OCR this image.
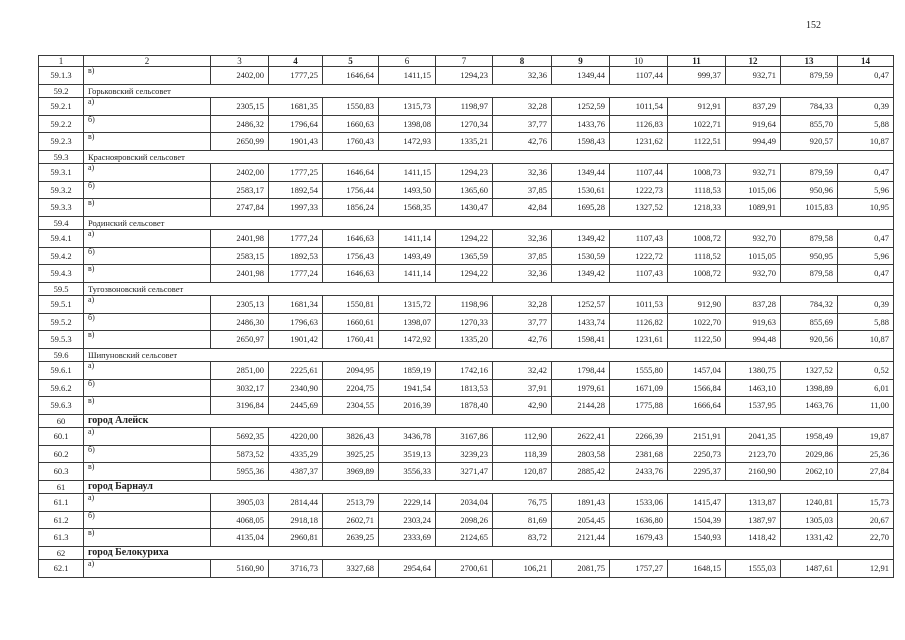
152
1	2	3	4	5	6	7	8	9	10	11	12	13	14
59.1.3	в)	2402,00	1777,25	1646,64	1411,15	1294,23	32,36	1349,44	1107,44	999,37	932,71	879,59	0,47
59.2	Горьковский сельсовет												
59.2.1	а)	2305,15	1681,35	1550,83	1315,73	1198,97	32,28	1252,59	1011,54	912,91	837,29	784,33	0,39
59.2.2	б)	2486,32	1796,64	1660,63	1398,08	1270,34	37,77	1433,76	1126,83	1022,71	919,64	855,70	5,88
59.2.3	в)	2650,99	1901,43	1760,43	1472,93	1335,21	42,76	1598,43	1231,62	1122,51	994,49	920,57	10,87
59.3	Краснояровский сельсовет												
59.3.1	а)	2402,00	1777,25	1646,64	1411,15	1294,23	32,36	1349,44	1107,44	1008,73	932,71	879,59	0,47
59.3.2	б)	2583,17	1892,54	1756,44	1493,50	1365,60	37,85	1530,61	1222,73	1118,53	1015,06	950,96	5,96
59.3.3	в)	2747,84	1997,33	1856,24	1568,35	1430,47	42,84	1695,28	1327,52	1218,33	1089,91	1015,83	10,95
59.4	Родинский сельсовет												
59.4.1	а)	2401,98	1777,24	1646,63	1411,14	1294,22	32,36	1349,42	1107,43	1008,72	932,70	879,58	0,47
59.4.2	б)	2583,15	1892,53	1756,43	1493,49	1365,59	37,85	1530,59	1222,72	1118,52	1015,05	950,95	5,96
59.4.3	в)	2401,98	1777,24	1646,63	1411,14	1294,22	32,36	1349,42	1107,43	1008,72	932,70	879,58	0,47
59.5	Тугозвоновский сельсовет												
59.5.1	а)	2305,13	1681,34	1550,81	1315,72	1198,96	32,28	1252,57	1011,53	912,90	837,28	784,32	0,39
59.5.2	б)	2486,30	1796,63	1660,61	1398,07	1270,33	37,77	1433,74	1126,82	1022,70	919,63	855,69	5,88
59.5.3	в)	2650,97	1901,42	1760,41	1472,92	1335,20	42,76	1598,41	1231,61	1122,50	994,48	920,56	10,87
59.6	Шипуновский сельсовет												
59.6.1	а)	2851,00	2225,61	2094,95	1859,19	1742,16	32,42	1798,44	1555,80	1457,04	1380,75	1327,52	0,52
59.6.2	б)	3032,17	2340,90	2204,75	1941,54	1813,53	37,91	1979,61	1671,09	1566,84	1463,10	1398,89	6,01
59.6.3	в)	3196,84	2445,69	2304,55	2016,39	1878,40	42,90	2144,28	1775,88	1666,64	1537,95	1463,76	11,00
60	город Алейск												
60.1	а)	5692,35	4220,00	3826,43	3436,78	3167,86	112,90	2622,41	2266,39	2151,91	2041,35	1958,49	19,87
60.2	б)	5873,52	4335,29	3925,25	3519,13	3239,23	118,39	2803,58	2381,68	2250,73	2123,70	2029,86	25,36
60.3	в)	5955,36	4387,37	3969,89	3556,33	3271,47	120,87	2885,42	2433,76	2295,37	2160,90	2062,10	27,84
61	город Барнаул												
61.1	а)	3905,03	2814,44	2513,79	2229,14	2034,04	76,75	1891,43	1533,06	1415,47	1313,87	1240,81	15,73
61.2	б)	4068,05	2918,18	2602,71	2303,24	2098,26	81,69	2054,45	1636,80	1504,39	1387,97	1305,03	20,67
61.3	в)	4135,04	2960,81	2639,25	2333,69	2124,65	83,72	2121,44	1679,43	1540,93	1418,42	1331,42	22,70
62	город Белокуриха												
62.1	а)	5160,90	3716,73	3327,68	2954,64	2700,61	106,21	2081,75	1757,27	1648,15	1555,03	1487,61	12,91
